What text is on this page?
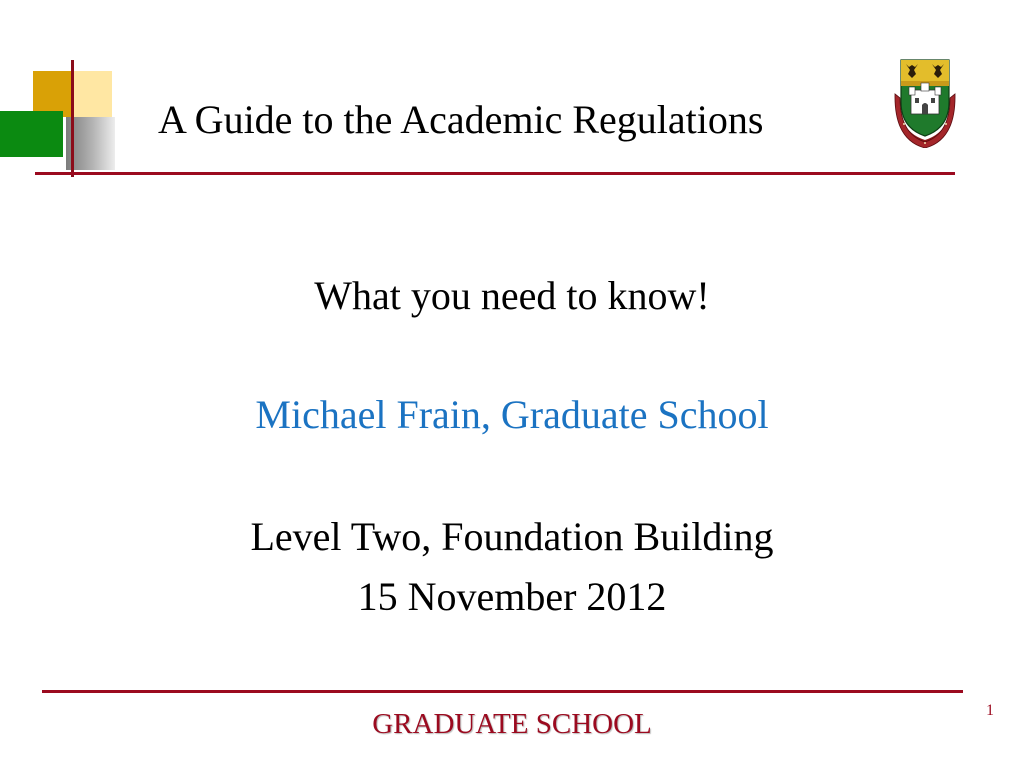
A Guide to the Academic Regulations
What you need to know!
Michael Frain, Graduate School
Level Two, Foundation Building
15 November 2012
GRADUATE SCHOOL	1
